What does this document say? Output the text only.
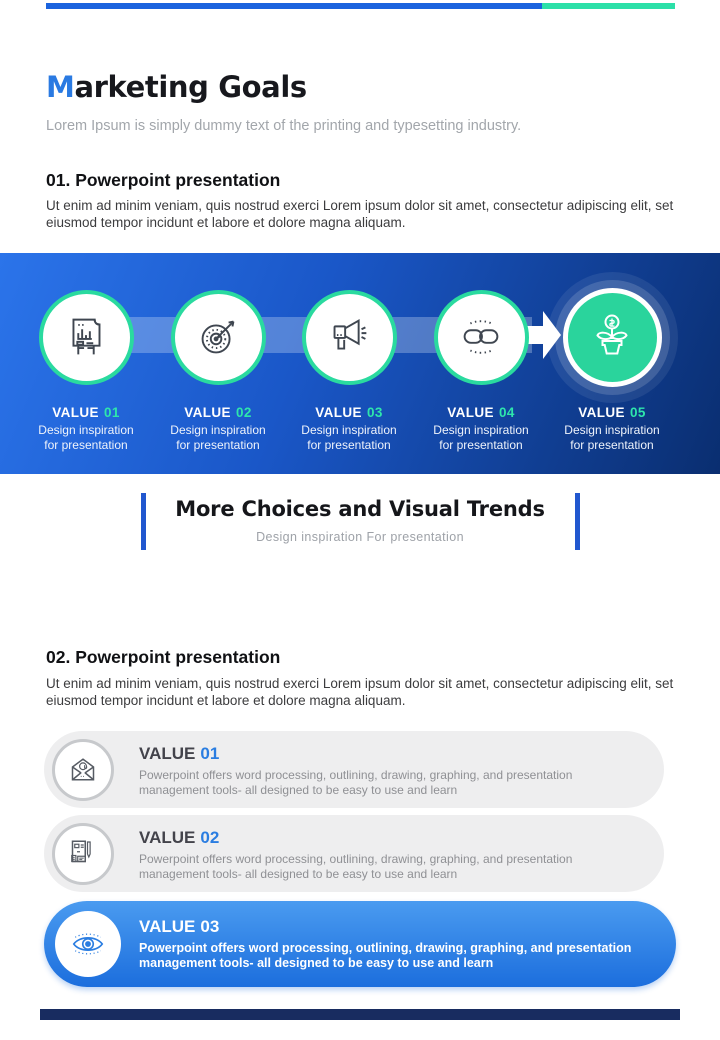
Marketing Goals
Lorem Ipsum is simply dummy text of the printing and typesetting industry.
01. Powerpoint presentation
Ut enim ad minim veniam, quis nostrud exerci Lorem ipsum dolor sit amet, consectetur adipiscing elit, set eiusmod tempor incidunt et labore et dolore magna aliquam.
VALUE 01
Design inspiration
for presentation
VALUE 02
Design inspiration
for presentation
VALUE 03
Design inspiration
for presentation
VALUE 04
Design inspiration
for presentation
VALUE 05
Design inspiration
for presentation
More Choices and Visual Trends
Design inspiration For presentation
02. Powerpoint presentation
Ut enim ad minim veniam, quis nostrud exerci Lorem ipsum dolor sit amet, consectetur adipiscing elit, set eiusmod tempor incidunt et labore et dolore magna aliquam.
VALUE 01
Powerpoint offers word processing, outlining, drawing, graphing, and presentation management tools- all designed to be easy to use and learn
VALUE 02
Powerpoint offers word processing, outlining, drawing, graphing, and presentation management tools- all designed to be easy to use and learn
VALUE 03
Powerpoint offers word processing, outlining, drawing, graphing, and presentation management tools- all designed to be easy to use and learn
